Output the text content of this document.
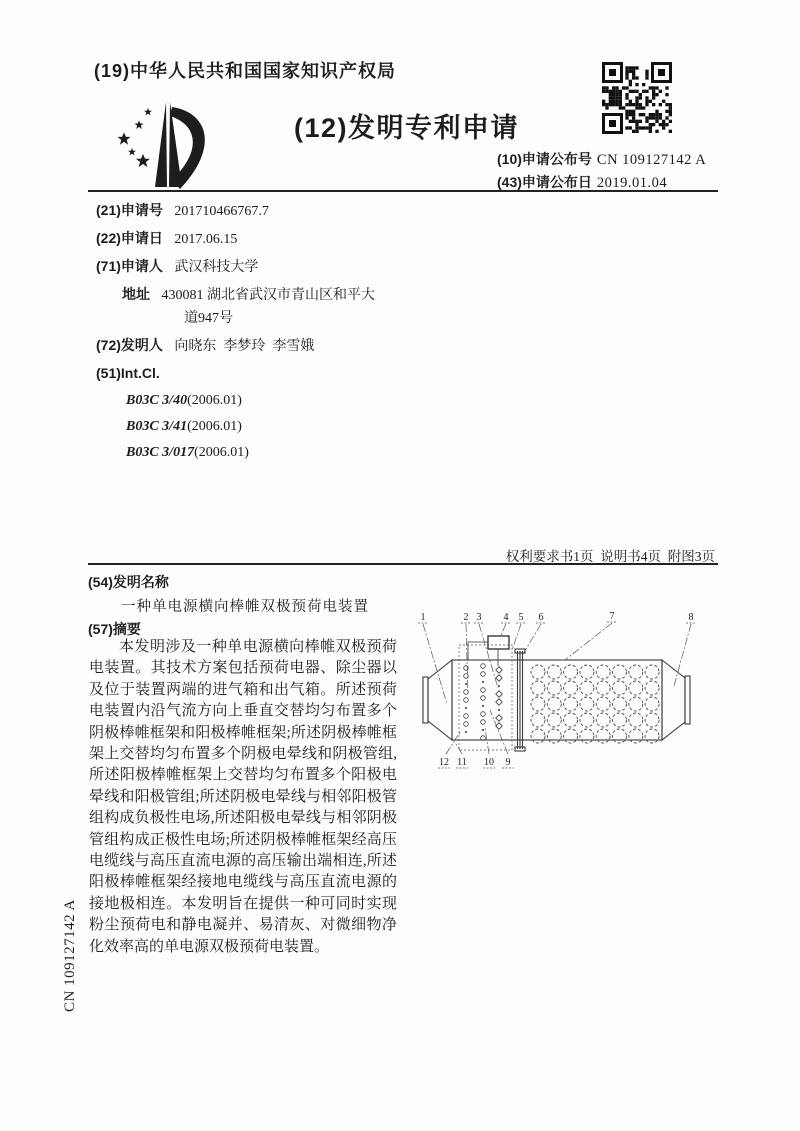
(19)中华人民共和国国家知识产权局
(12)发明专利申请
(10)申请公布号 CN 109127142 A
(43)申请公布日 2019.01.04
(21)申请号 201710466767.7
(22)申请日 2017.06.15
(71)申请人 武汉科技大学
地址 430081 湖北省武汉市青山区和平大
道947号
(72)发明人 向晓东  李梦玲  李雪娥
(51)Int.Cl.
B03C 3/40(2006.01)
B03C 3/41(2006.01)
B03C 3/017(2006.01)
权利要求书1页  说明书4页  附图3页
(54)发明名称
一种单电源横向棒帷双极预荷电装置
(57)摘要
本发明涉及一种单电源横向棒帷双极预荷电装置。其技术方案包括预荷电器、除尘器以及位于装置两端的进气箱和出气箱。所述预荷电装置内沿气流方向上垂直交替均匀布置多个阴极棒帷框架和阳极棒帷框架;所述阴极棒帷框架上交替均匀布置多个阴极电晕线和阴极管组,所述阳极棒帷框架上交替均匀布置多个阳极电晕线和阳极管组;所述阴极电晕线与相邻阳极管组构成负极性电场,所述阳极电晕线与相邻阴极管组构成正极性电场;所述阴极棒帷框架经高压电缆线与高压直流电源的高压输出端相连,所述阳极棒帷框架经接地电缆线与高压直流电源的接地极相连。本发明旨在提供一种可同时实现粉尘预荷电和静电凝并、易清灰、对微细物净化效率高的单电源双极预荷电装置。
1	2 3 4 5 6	7	8
12 11 10 9
CN 109127142 A
